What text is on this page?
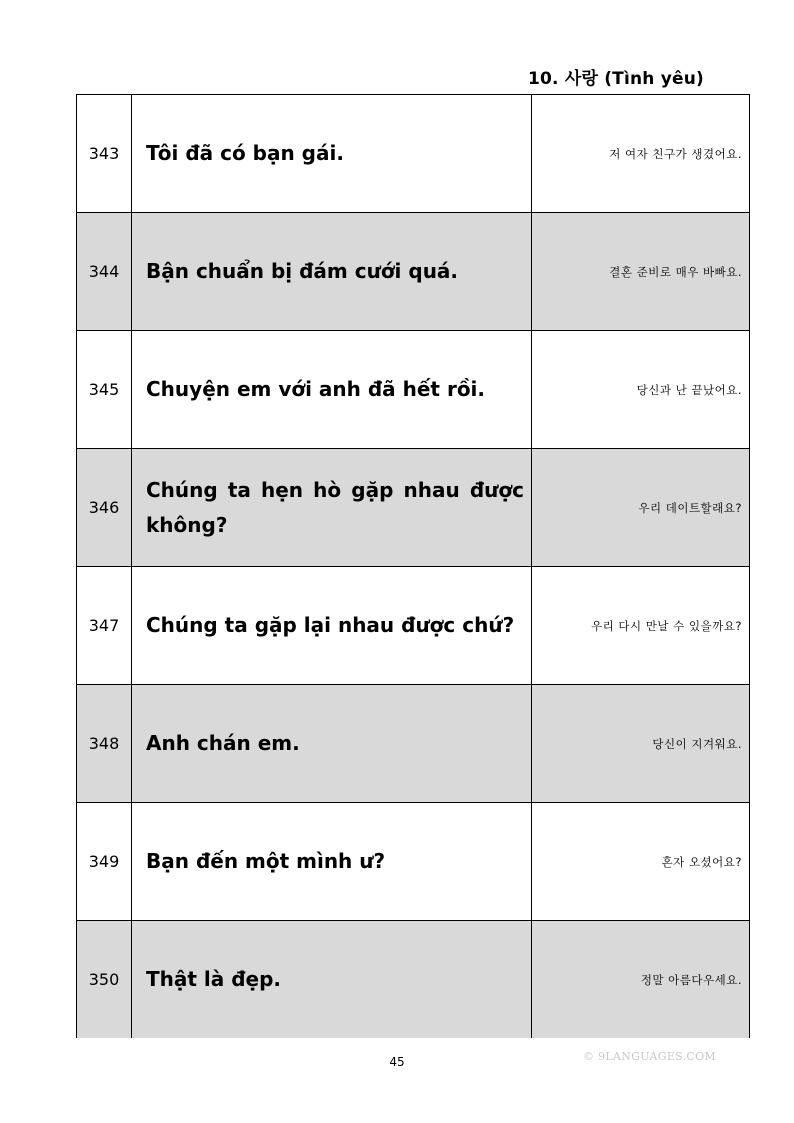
10. 사랑 (Tình yêu)
343	Tôi đã có bạn gái.	저 여자 친구가 생겼어요.
344	Bận chuẩn bị đám cưới quá.	결혼 준비로 매우 바빠요.
345	Chuyện em với anh đã hết rồi.	당신과 난 끝났어요.
346	Chúng ta hẹn hò gặp nhau được không?	우리 데이트할래요?
347	Chúng ta gặp lại nhau được chứ?	우리 다시 만날 수 있을까요?
348	Anh chán em.	당신이 지겨워요.
349	Bạn đến một mình ư?	혼자 오셨어요?
350	Thật là đẹp.	정말 아름다우세요.
45	© 9LANGUAGES.COM
